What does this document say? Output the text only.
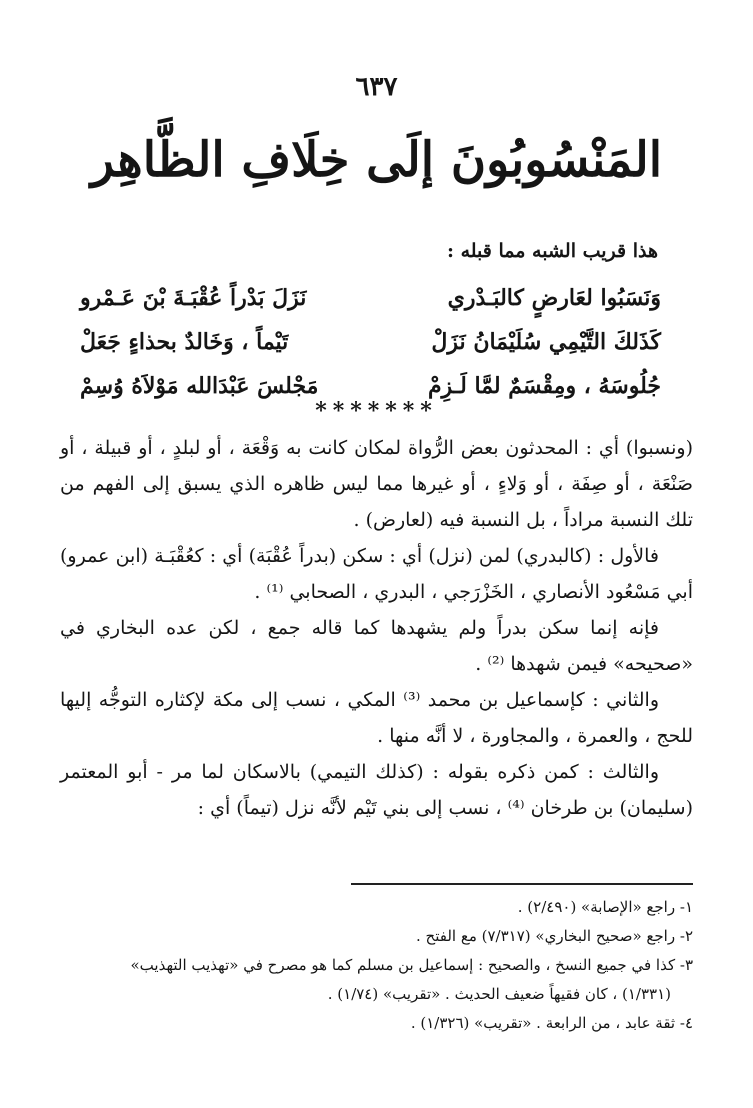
٦٣٧
المَنْسُوبُونَ إلَى خِلَافِ الظَّاهِر
هذا قريب الشبه مما قبله :
وَنَسَبُوا لعَارضٍ كالبَـدْري
نَزَلَ بَدْراً عُقْبَـةَ بْنَ عَـمْرو
كَذَلكَ التَّيْمِي سُلَيْمَانُ نَزَلْ
تَيْماً ، وَخَالدٌ بحذاءٍ جَعَلْ
جُلُوسَهُ ، ومِقْسَمٌ لمَّا لَـزِمْ
مَجْلسَ عَبْدَالله مَوْلاَهُ وُسِمْ
*******

(ونسبوا) أي : المحدثون بعض الرُّواة لمكان كانت به وَقْعَة ، أو لبلدٍ ، أو قبيلة ، أو صَنْعَة ، أو صِفَة ، أو وَلاءٍ ، أو غيرها مما ليس ظاهره الذي يسبق إلى الفهم من تلك النسبة مراداً ، بل النسبة فيه (لعارض) .

فالأول : (كالبدري) لمن (نزل) أي : سكن (بدراً عُقْبَة) أي : كعُقْبَـة (ابن عمرو) أبي مَسْعُود الأنصاري ، الخَزْرَجي ، البدري ، الصحابي ⁽¹⁾ .

فإنه إنما سكن بدراً ولم يشهدها كما قاله جمع ، لكن عده البخاري في «صحيحه» فيمن شهدها ⁽²⁾ .

والثاني : كإسماعيل بن محمد ⁽³⁾ المكي ، نسب إلى مكة لإكثاره التوجُّه إليها للحج ، والعمرة ، والمجاورة ، لا أنَّه منها .

والثالث : كمن ذكره بقوله : (كذلك التيمي) بالاسكان لما مر - أبو المعتمر (سليمان) بن طرخان ⁽⁴⁾ ، نسب إلى بني تَيْم لأنَّه نزل (تيماً) أي :

١- راجع «الإصابة» (٢/٤٩٠) .

٢- راجع «صحيح البخاري» (٧/٣١٧) مع الفتح .

٣- كذا في جميع النسخ ، والصحيح : إسماعيل بن مسلم كما هو مصرح في «تهذيب التهذيب»

(١/٣٣١) ، كان فقيهاً ضعيف الحديث . «تقريب» (١/٧٤) .

٤- ثقة عابد ، من الرابعة . «تقريب» (١/٣٢٦) .
